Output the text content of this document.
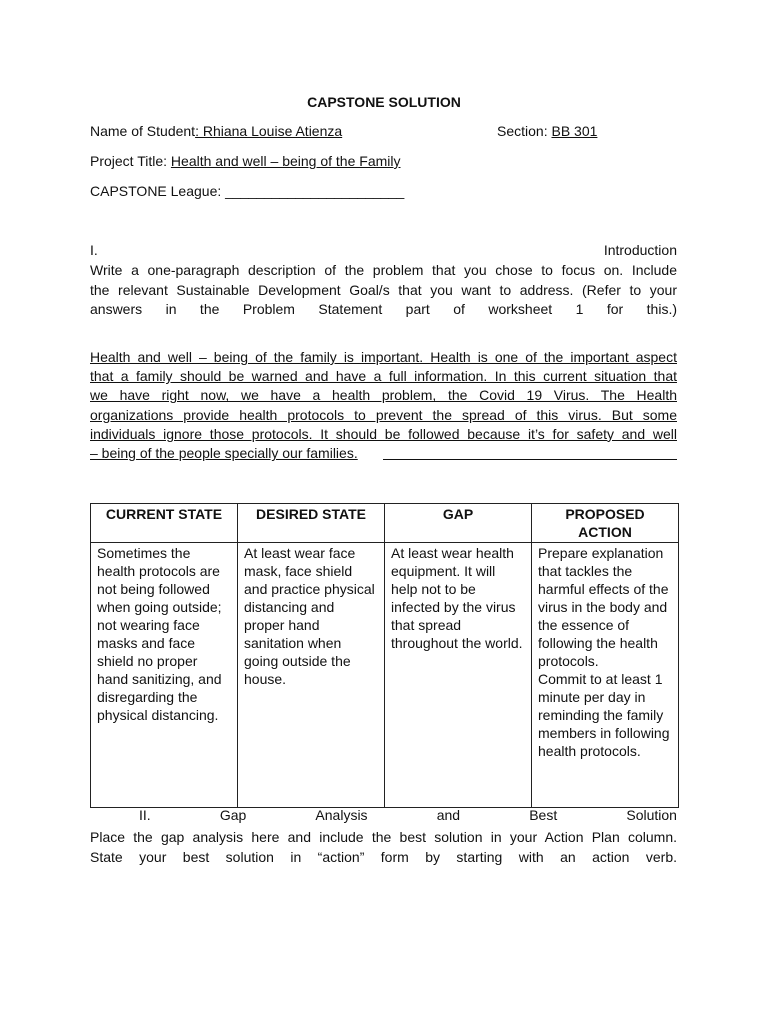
CAPSTONE SOLUTION
Name of Student: Rhiana Louise Atienza	Section: BB 301
Project Title: Health and well – being of the Family
CAPSTONE League: _______________________
I.	Introduction
Write a one-paragraph description of the problem that you chose to focus on. Include
the relevant Sustainable Development Goal/s that you want to address. (Refer to your
answers in the Problem Statement part of worksheet 1 for this.)
Health and well – being of the family is important. Health is one of the important aspect
that a family should be warned and have a full information. In this current situation that
we have right now, we have a health problem, the Covid 19 Virus. The Health
organizations provide health protocols to prevent the spread of this virus. But some
individuals ignore those protocols. It should be followed because it’s for safety and well
– being of the people specially our families.
CURRENT STATE	DESIRED STATE	GAP	PROPOSED ACTION
Sometimes the health protocols are not being followed when going outside; not wearing face masks and face shield no proper hand sanitizing, and disregarding the physical distancing.	At least wear face mask, face shield and practice physical distancing and proper hand sanitation when going outside the house.	At least wear health equipment. It will help not to be infected by the virus that spread throughout the world.	Prepare explanation that tackles the harmful effects of the virus in the body and the essence of following the health protocols.
Commit to at least 1 minute per day in reminding the family members in following health protocols.
II.	Gap	Analysis	and	Best	Solution
Place the gap analysis here and include the best solution in your Action Plan column.
State your best solution in “action” form by starting with an action verb.
